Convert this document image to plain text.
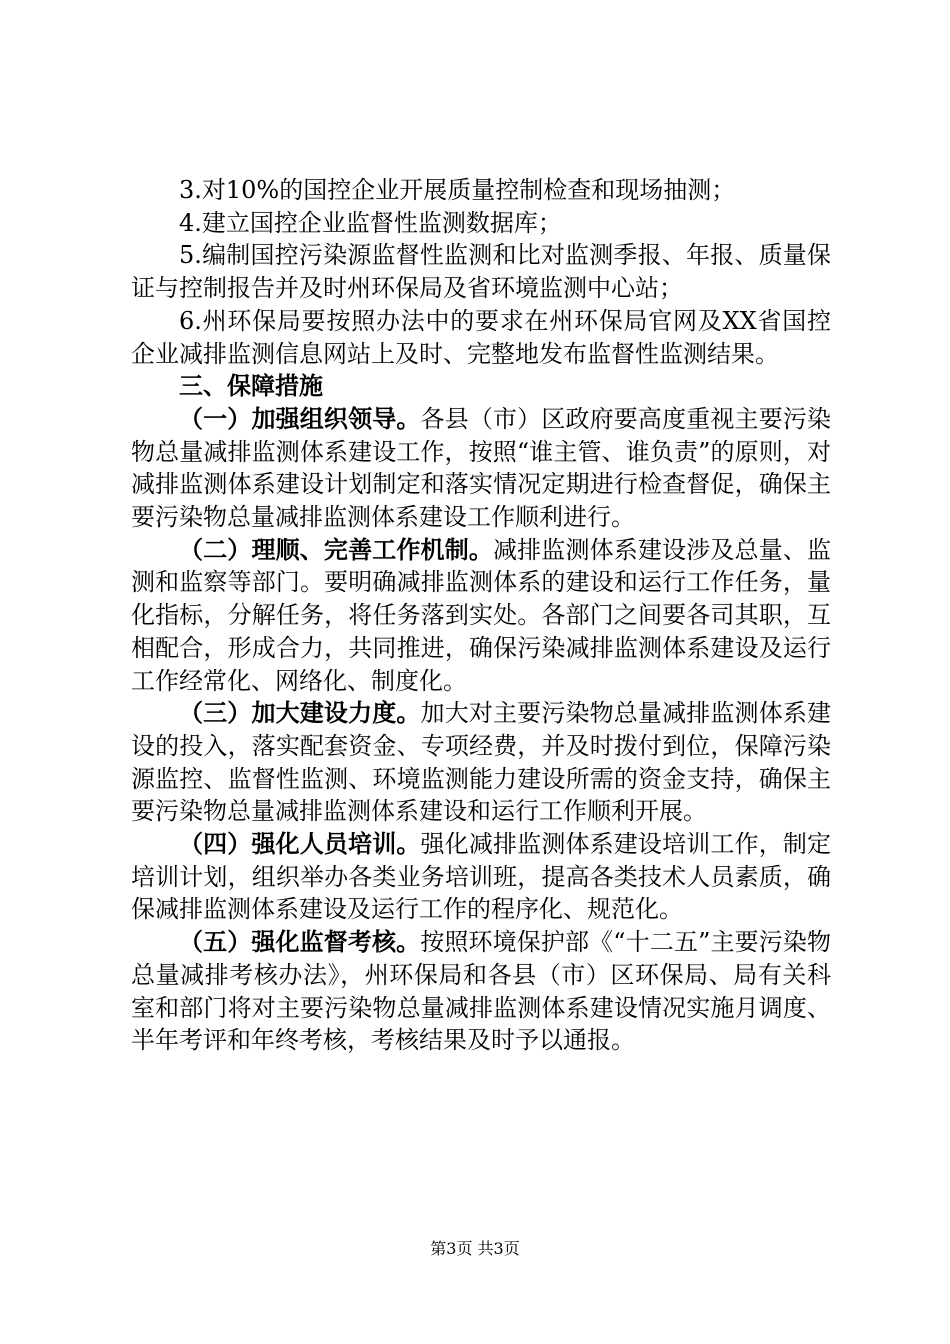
3.对10%的国控企业开展质量控制检查和现场抽测；

4.建立国控企业监督性监测数据库；

5.编制国控污染源监督性监测和比对监测季报、年报、质量保证与控制报告并及时州环保局及省环境监测中心站；

6.州环保局要按照办法中的要求在州环保局官网及XX省国控企业减排监测信息网站上及时、完整地发布监督性监测结果。

三、保障措施

（一）加强组织领导。各县（市）区政府要高度重视主要污染物总量减排监测体系建设工作，按照“谁主管、谁负责”的原则，对减排监测体系建设计划制定和落实情况定期进行检查督促，确保主要污染物总量减排监测体系建设工作顺利进行。

（二）理顺、完善工作机制。减排监测体系建设涉及总量、监测和监察等部门。要明确减排监测体系的建设和运行工作任务，量化指标，分解任务，将任务落到实处。各部门之间要各司其职，互相配合，形成合力，共同推进，确保污染减排监测体系建设及运行工作经常化、网络化、制度化。

（三）加大建设力度。加大对主要污染物总量减排监测体系建设的投入，落实配套资金、专项经费，并及时拨付到位，保障污染源监控、监督性监测、环境监测能力建设所需的资金支持，确保主要污染物总量减排监测体系建设和运行工作顺利开展。

（四）强化人员培训。强化减排监测体系建设培训工作，制定培训计划，组织举办各类业务培训班，提高各类技术人员素质，确保减排监测体系建设及运行工作的程序化、规范化。

（五）强化监督考核。按照环境保护部《“十二五”主要污染物总量减排考核办法》，州环保局和各县（市）区环保局、局有关科室和部门将对主要污染物总量减排监测体系建设情况实施月调度、半年考评和年终考核，考核结果及时予以通报。

第3页 共3页
